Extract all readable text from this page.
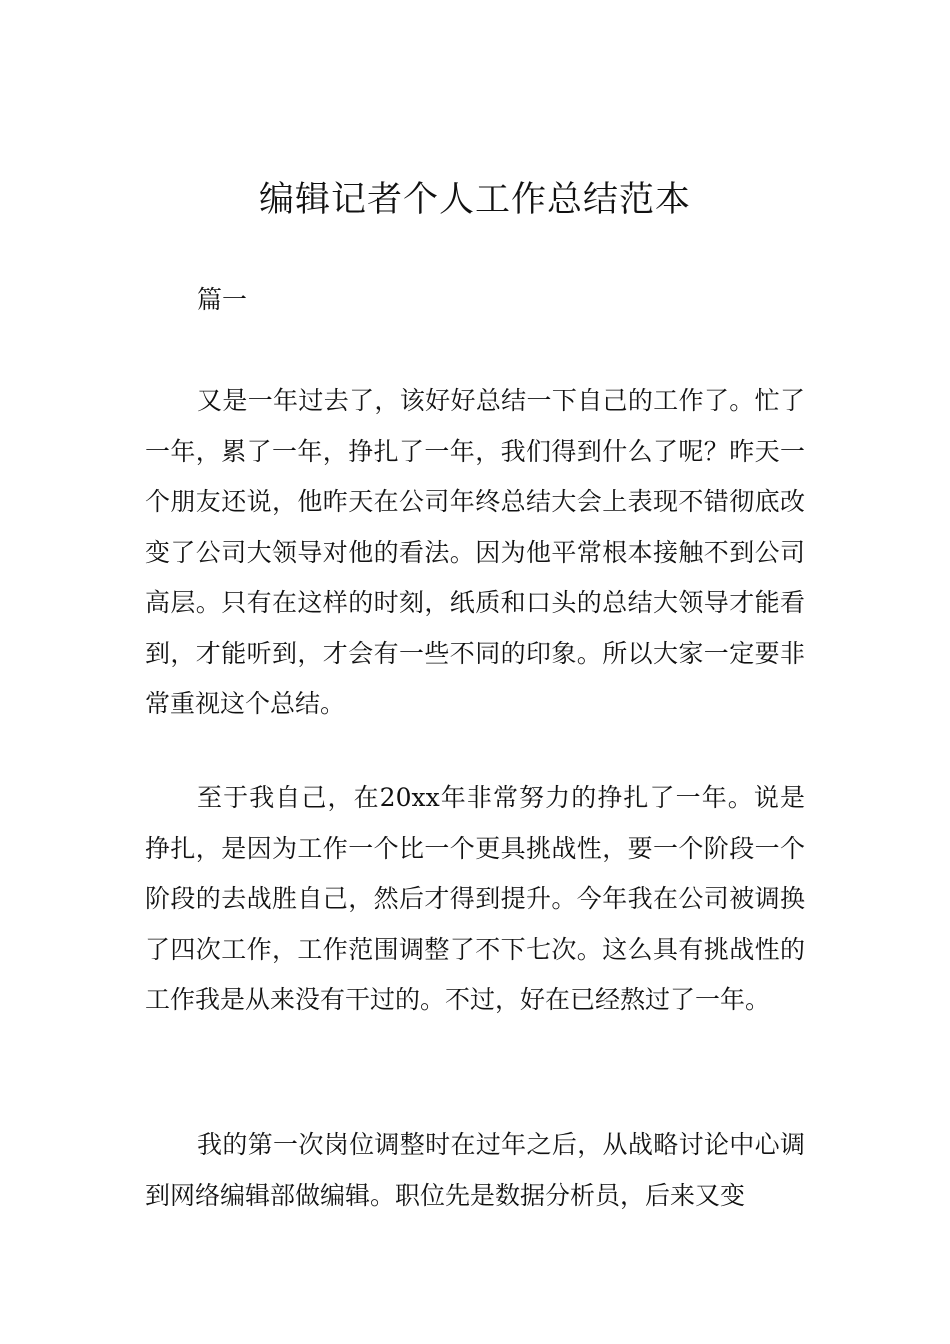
编辑记者个人工作总结范本
篇一

又是一年过去了，该好好总结一下自己的工作了。忙了一年，累了一年，挣扎了一年，我们得到什么了呢？昨天一个朋友还说，他昨天在公司年终总结大会上表现不错彻底改变了公司大领导对他的看法。因为他平常根本接触不到公司高层。只有在这样的时刻，纸质和口头的总结大领导才能看到，才能听到，才会有一些不同的印象。所以大家一定要非常重视这个总结。

至于我自己，在20xx年非常努力的挣扎了一年。说是挣扎，是因为工作一个比一个更具挑战性，要一个阶段一个阶段的去战胜自己，然后才得到提升。今年我在公司被调换了四次工作，工作范围调整了不下七次。这么具有挑战性的工作我是从来没有干过的。不过，好在已经熬过了一年。

我的第一次岗位调整时在过年之后，从战略讨论中心调到网络编辑部做编辑。职位先是数据分析员，后来又变
